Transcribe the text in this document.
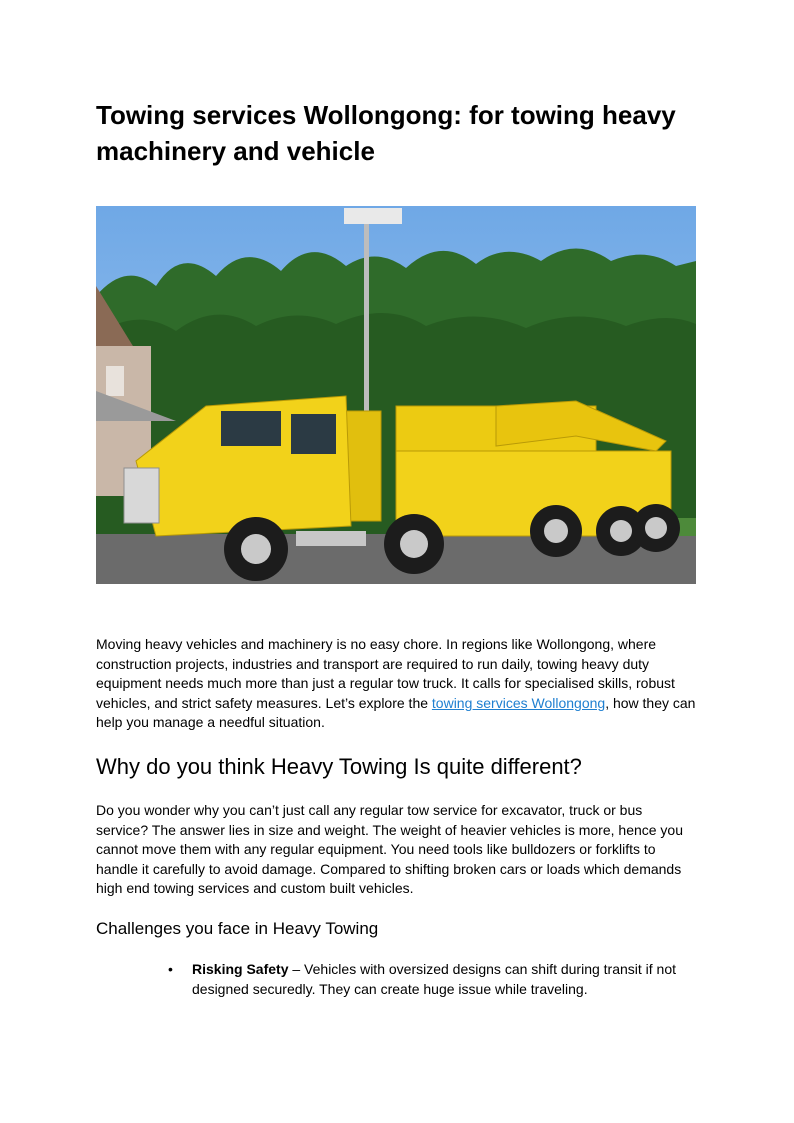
Towing services Wollongong: for towing heavy machinery and vehicle

Moving heavy vehicles and machinery is no easy chore. In regions like Wollongong, where construction projects, industries and transport are required to run daily, towing heavy duty equipment needs much more than just a regular tow truck. It calls for specialised skills, robust vehicles, and strict safety measures. Let’s explore the towing services Wollongong, how they can help you manage a needful situation.

Why do you think Heavy Towing Is quite different?

Do you wonder why you can’t just call any regular tow service for excavator, truck or bus service? The answer lies in size and weight. The weight of heavier vehicles is more, hence you cannot move them with any regular equipment. You need tools like bulldozers or forklifts to handle it carefully to avoid damage. Compared to shifting broken cars or loads which demands high end towing services and custom built vehicles.

Challenges you face in Heavy Towing
• Risking Safety – Vehicles with oversized designs can shift during transit if not designed securedly. They can create huge issue while traveling.
